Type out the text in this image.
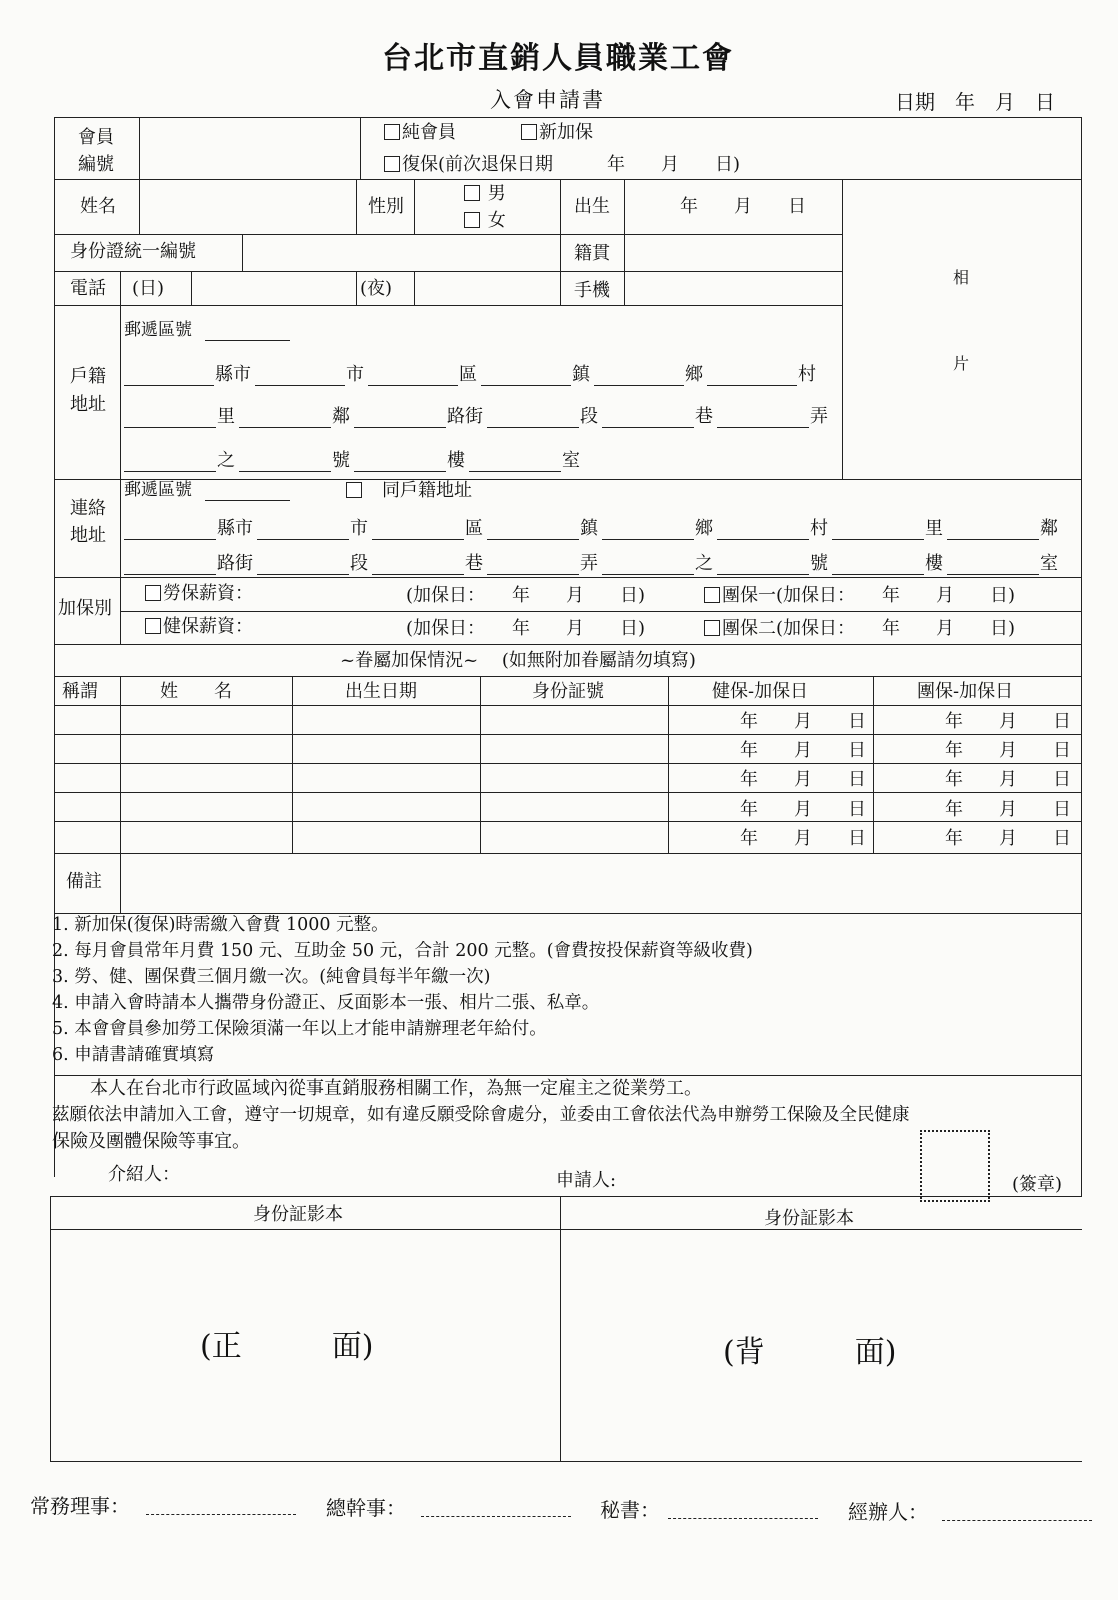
台北市直銷人員職業工會
入會申請書	日期　年　月　日
會員
編號
純會員	新加保
復保(前次退保日期　　　年　　月　　日)
姓名	性別
男
女
出生	年　　月　　日
身份證統一編號	籍貫
電話 (日)	(夜)	手機
相
片
戶籍
地址
郵遞區號
縣市	市	區	鎮	鄉	村
里	鄰	路街	段	巷	弄
之	號	樓	室
連絡
地址
郵遞區號
　	同戶籍地址
縣市	市	區	鎮	鄉	村	里	鄰
路街	段	巷	弄	之	號	樓	室
加保別
勞保薪資：	(加保日：　　年　　月　　日)	團保一(加保日：　　年　　月　　日)
健保薪資：	(加保日：　　年　　月　　日)	團保二(加保日：　　年　　月　　日)
~眷屬加保情況~　 (如無附加眷屬請勿填寫)
稱謂	姓　　名	出生日期	身份証號	健保-加保日	團保-加保日
年　　月　　日	年　　月　　日
年　　月　　日	年　　月　　日
年　　月　　日	年　　月　　日
年　　月　　日	年　　月　　日
年　　月　　日	年　　月　　日
備註
1. 新加保(復保)時需繳入會費 1000 元整。
2. 每月會員常年月費 150 元、互助金 50 元，合計 200 元整。(會費按投保薪資等級收費)
3. 勞、健、團保費三個月繳一次。(純會員每半年繳一次)
4. 申請入會時請本人攜帶身份證正、反面影本一張、相片二張、私章。
5. 本會會員參加勞工保險須滿一年以上才能申請辦理老年給付。
6. 申請書請確實填寫
本人在台北市行政區域內從事直銷服務相關工作，為無一定雇主之從業勞工。
茲願依法申請加入工會，遵守一切規章，如有違反願受除會處分，並委由工會依法代為申辦勞工保險及全民健康
保險及團體保險等事宜。
介紹人：	申請人:	(簽章)
身份証影本	身份証影本
(正　　　面)	(背　　　面)
常務理事：	總幹事：	秘書：	經辦人：
